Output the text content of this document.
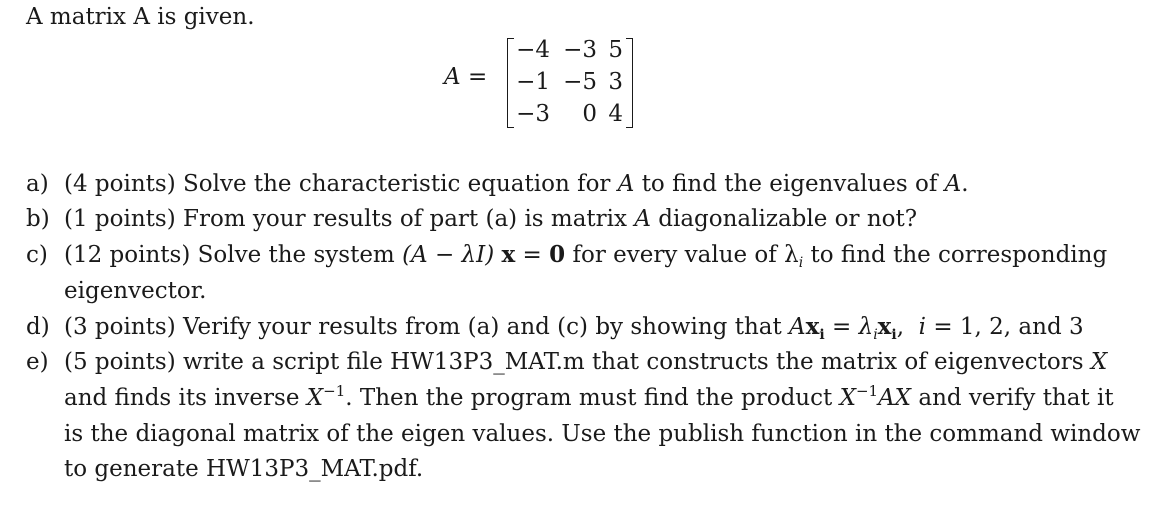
A matrix A is given.
A =
−4 −3 5
−1 −5 3
−3	0 4
a) (4 points) Solve the characteristic equation for A to find the eigenvalues of A.
b) (1 points) From your results of part (a) is matrix A diagonalizable or not?
c) (12 points) Solve the system (A − λI) x = 0 for every value of $\lambda_i$ to find the corresponding
eigenvector.
d) (3 points) Verify your results from (a) and (c) by showing that $Ax_i = \lambda_ix_i$, i = 1, 2, and 3
e) (5 points) write a script file HW13P3_MAT.m that constructs the matrix of eigenvectors X
and finds its inverse $X^{-1}$. Then the program must find the product $X^{-1}AX$ and verify that it
is the diagonal matrix of the eigen values. Use the publish function in the command window
to generate HW13P3_MAT.pdf.
